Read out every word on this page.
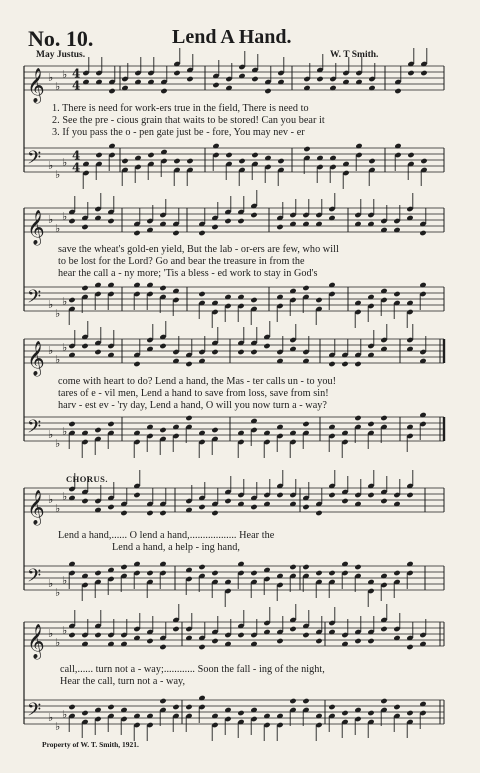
𝄞 ♭
♭
♭ 4
4
𝄢 ♭
♭
♭ 4
4
𝄞 ♭
♭
♭
𝄢 ♭
♭
♭
𝄞 ♭
♭
♭
𝄢 ♭
♭
♭
𝄞 ♭
♭
♭
𝄢 ♭
♭
♭
𝄞 ♭
♭
♭
𝄢 ♭
♭
♭
No. 10.	Lend A Hand.
May Justus.	W. T Smith.
1. There is need for work-ers true in the field, There is need to
2. See the pre - cious grain that waits to be stored! Can you bear it
3. If you pass the o - pen gate just be - fore, You may nev - er
save the wheat's gold-en yield, But the lab - or-ers are few, who will
to be lost for the Lord? Go and bear the treasure in from the
hear the call a - ny more; 'Tis a bless - ed work to stay in God's
come with heart to do? Lend a hand, the Mas - ter calls un - to you!
tares of e - vil men, Lend a hand to save from loss, save from sin!
harv - est ev - 'ry day, Lend a hand, O will you now turn a - way?
CHORUS.
Lend a hand,...... O lend a hand,.................. Hear the
Lend a hand, a help - ing hand,
call,...... turn not a - way;............ Soon the fall - ing of the night,
Hear the call, turn not a - way,
Property of W. T. Smith, 1921.
